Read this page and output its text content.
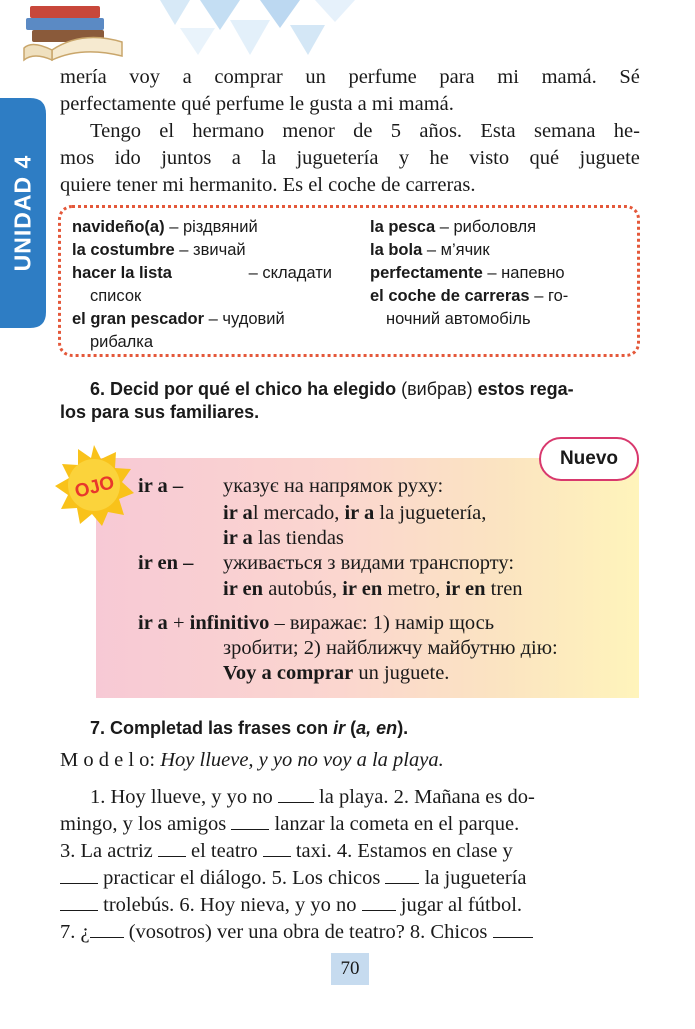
UNIDAD 4
mería voy a comprar un perfume para mi mamá. Sé
perfectamente qué perfume le gusta a mi mamá.
Tengo el hermano menor de 5 años. Esta semana he-
mos ido juntos a la juguetería y he visto qué juguete
quiere tener mi hermanito. Es el coche de carreras.
navideño(a) – різдвяний
la costumbre – звичай
hacer la lista	– складати
список
el gran pescador – чудовий
рибалка
la pesca – риболовля
la bola – м’ячик
perfectamente – напевно
el coche de carreras – го-
ночний автомобіль
6. Decid por qué el chico ha elegido (вибрав) estos rega-
los para sus familiares.
Nuevo
OJO ir a – указує на напрямок руху:
ir al mercado, ir a la juguetería,
ir a las tiendas
ir en – уживається з видами транспорту:
ir en autobús, ir en metro, ir en tren
ir a + infinitivo – виражає: 1) намір щось
зробити; 2) найближчу майбутню дію:
Voy a comprar un juguete.
7. Completad las frases con ir (a, en).
M o d e l o: Hoy llueve, y yo no voy a la playa.
1. Hoy llueve, y yo no  la playa. 2. Mañana es do-
mingo, y los amigos  lanzar la cometa en el parque.
3. La actriz  el teatro  taxi. 4. Estamos en clase y
practicar el diálogo. 5. Los chicos  la juguetería
trolebús. 6. Hoy nieva, y yo no  jugar al fútbol.
7. ¿ (vosotros) ver una obra de teatro? 8. Chicos
70
